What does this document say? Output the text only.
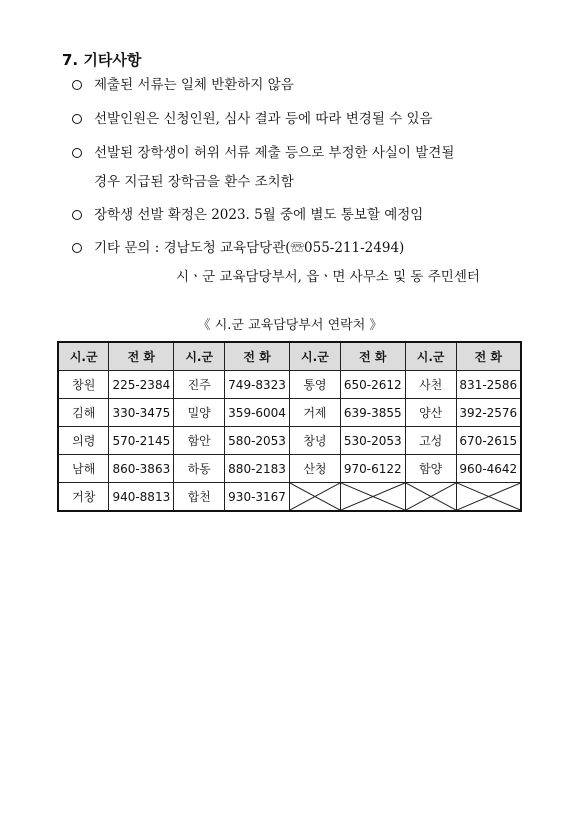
7. 기타사항
제출된 서류는 일체 반환하지 않음
선발인원은 신청인원, 심사 결과 등에 따라 변경될 수 있음
선발된 장학생이 허위 서류 제출 등으로 부정한 사실이 발견될
경우 지급된 장학금을 환수 조치함
장학생 선발 확정은 2023. 5월 중에 별도 통보할 예정임
기타 문의 : 경남도청 교육담당관(☏055-211-2494)
시ㆍ군 교육담당부서, 읍ㆍ면 사무소 및 동 주민센터
《 시.군 교육담당부서 연락처 》
시.군	전 화	시.군	전 화	시.군	전 화	시.군	전 화
창원	225-2384	진주	749-8323	통영	650-2612	사천	831-2586
김해	330-3475	밀양	359-6004	거제	639-3855	양산	392-2576
의령	570-2145	함안	580-2053	창녕	530-2053	고성	670-2615
남해	860-3863	하동	880-2183	산청	970-6122	함양	960-4642
거창	940-8813	합천	930-3167	
